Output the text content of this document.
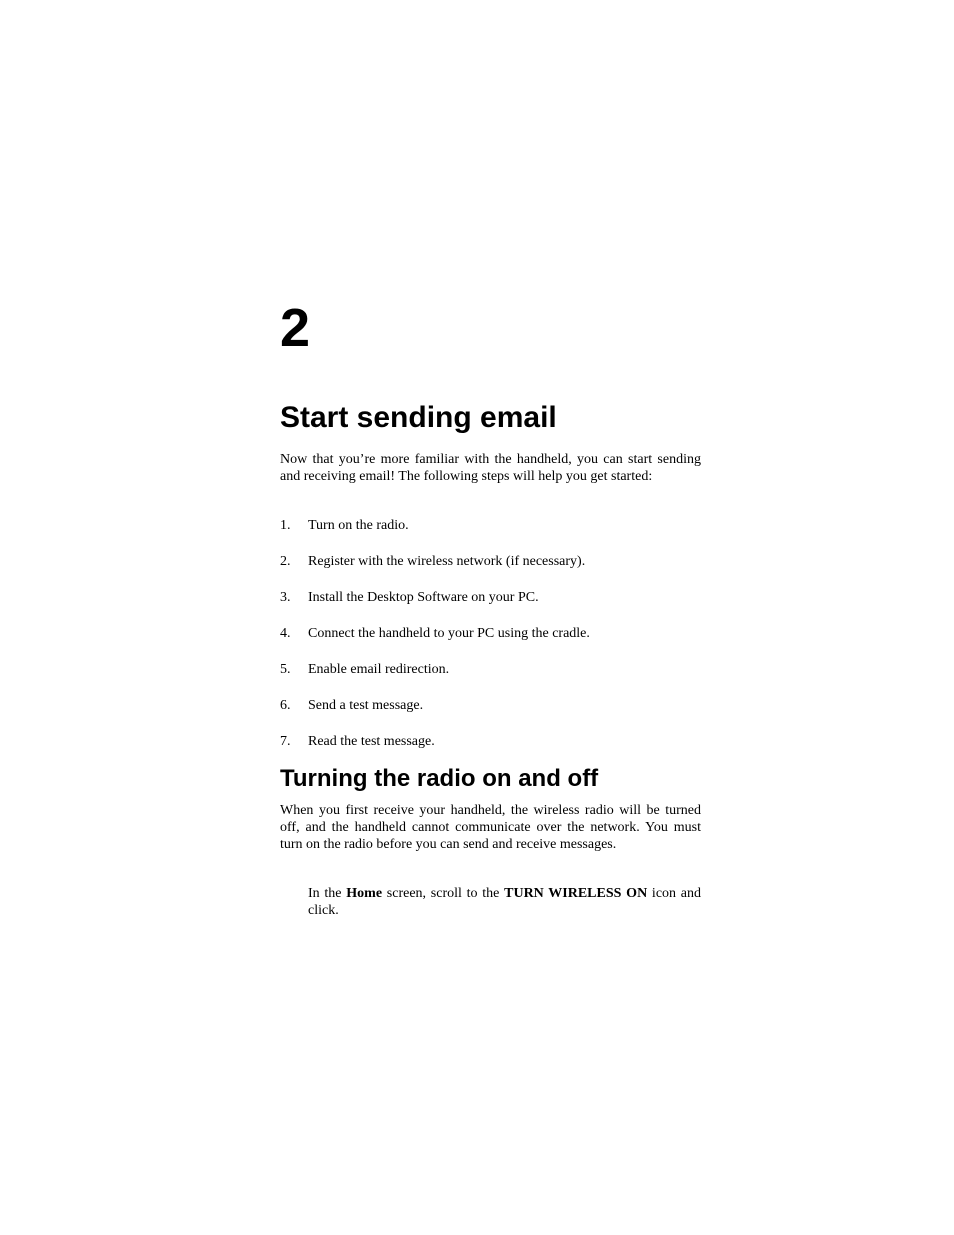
2
Start sending email

Now that you’re more familiar with the handheld, you can start sending and receiving email! The following steps will help you get started:

1. Turn on the radio.
2. Register with the wireless network (if necessary).
3. Install the Desktop Software on your PC.
4. Connect the handheld to your PC using the cradle.
5. Enable email redirection.
6. Send a test message.
7. Read the test message.
Turning the radio on and off

When you first receive your handheld, the wireless radio will be turned off, and the handheld cannot communicate over the network. You must turn on the radio before you can send and receive messages.

In the Home screen, scroll to the TURN WIRELESS ON icon and click.
